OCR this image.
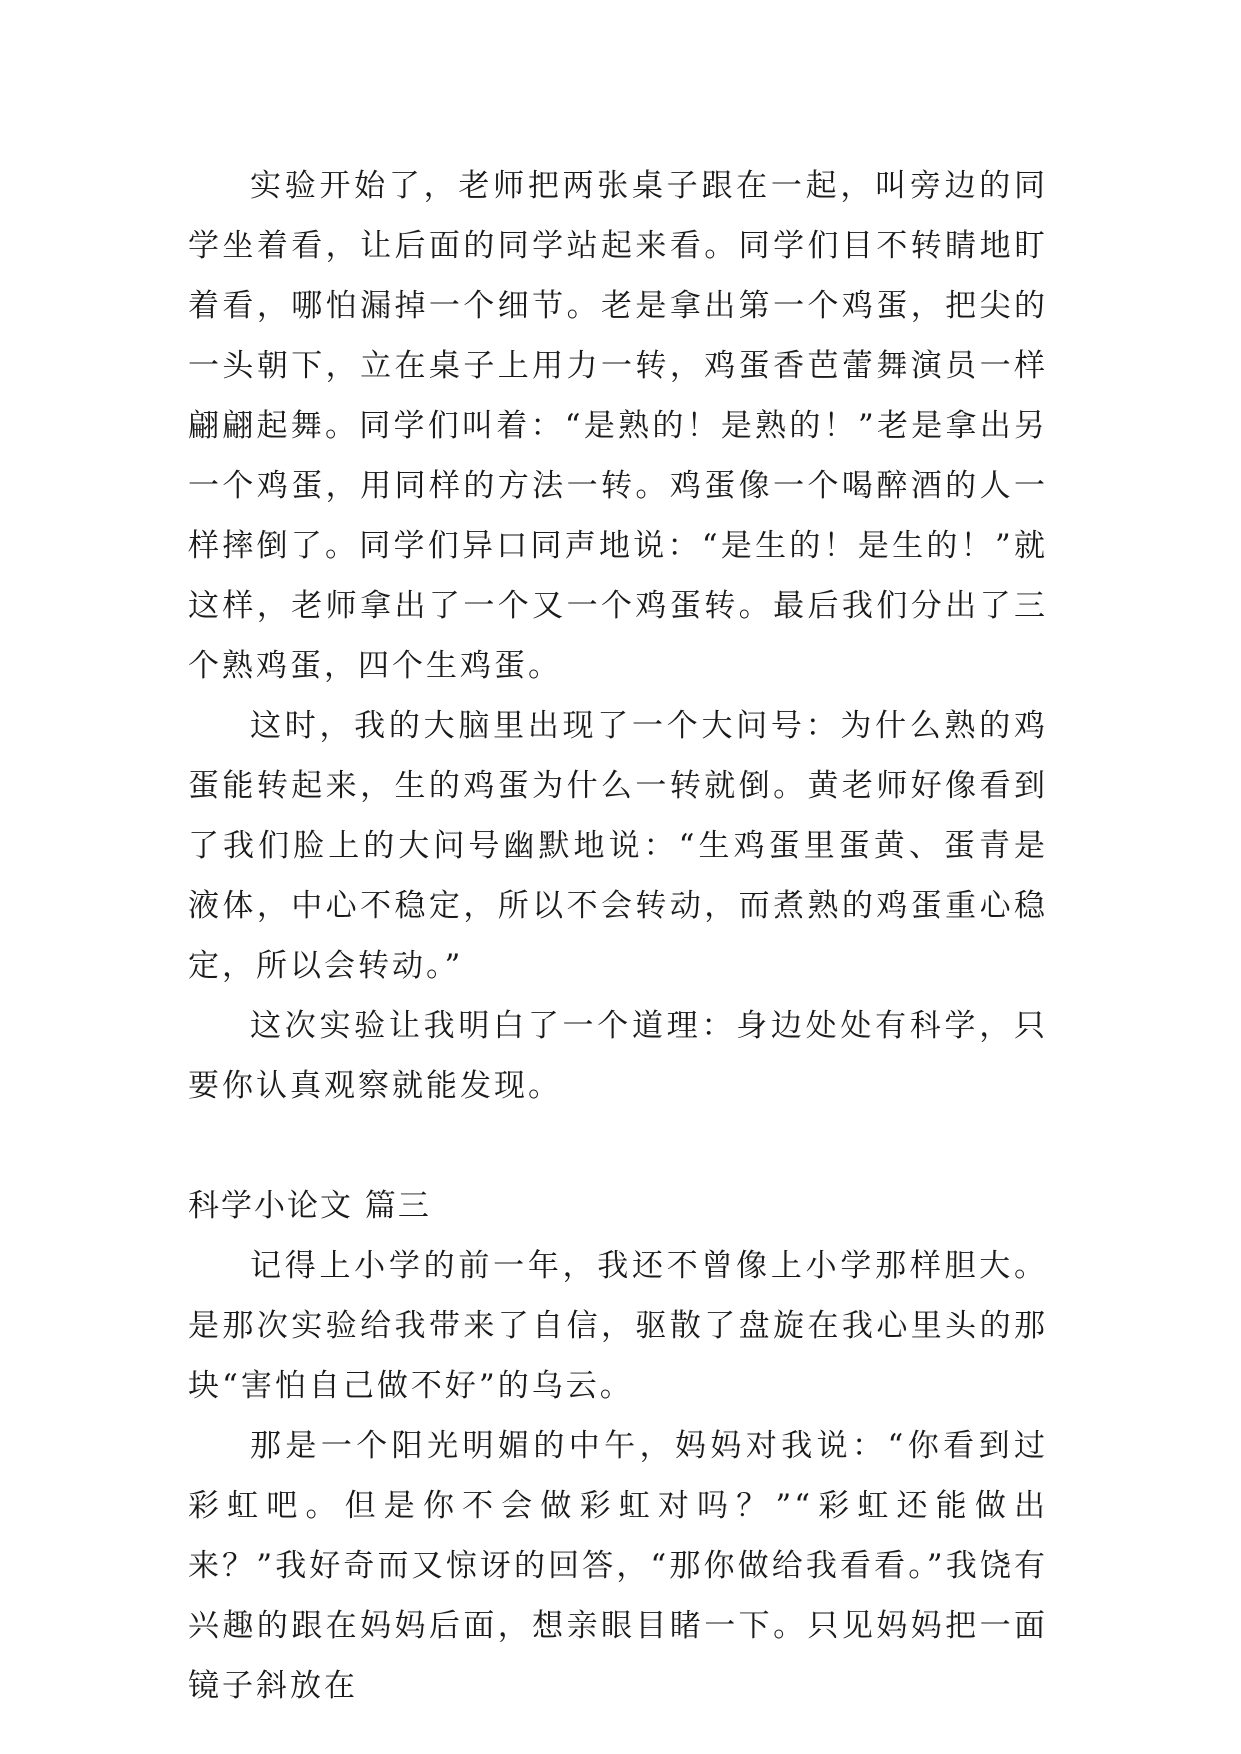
实验开始了，老师把两张桌子跟在一起，叫旁边的同学坐着看，让后面的同学站起来看。同学们目不转睛地盯着看，哪怕漏掉一个细节。老是拿出第一个鸡蛋，把尖的一头朝下，立在桌子上用力一转，鸡蛋香芭蕾舞演员一样翩翩起舞。同学们叫着：“是熟的！是熟的！”老是拿出另一个鸡蛋，用同样的方法一转。鸡蛋像一个喝醉酒的人一样摔倒了。同学们异口同声地说：“是生的！是生的！”就这样，老师拿出了一个又一个鸡蛋转。最后我们分出了三个熟鸡蛋，四个生鸡蛋。

这时，我的大脑里出现了一个大问号：为什么熟的鸡蛋能转起来，生的鸡蛋为什么一转就倒。黄老师好像看到了我们脸上的大问号幽默地说：“生鸡蛋里蛋黄、蛋青是液体，中心不稳定，所以不会转动，而煮熟的鸡蛋重心稳定，所以会转动。”

这次实验让我明白了一个道理：身边处处有科学，只要你认真观察就能发现。

科学小论文 篇三

记得上小学的前一年，我还不曾像上小学那样胆大。是那次实验给我带来了自信，驱散了盘旋在我心里头的那块“害怕自己做不好”的乌云。

那是一个阳光明媚的中午，妈妈对我说：“你看到过彩虹吧。但是你不会做彩虹对吗？”“彩虹还能做出来？”我好奇而又惊讶的回答，“那你做给我看看。”我饶有兴趣的跟在妈妈后面，想亲眼目睹一下。只见妈妈把一面镜子斜放在
